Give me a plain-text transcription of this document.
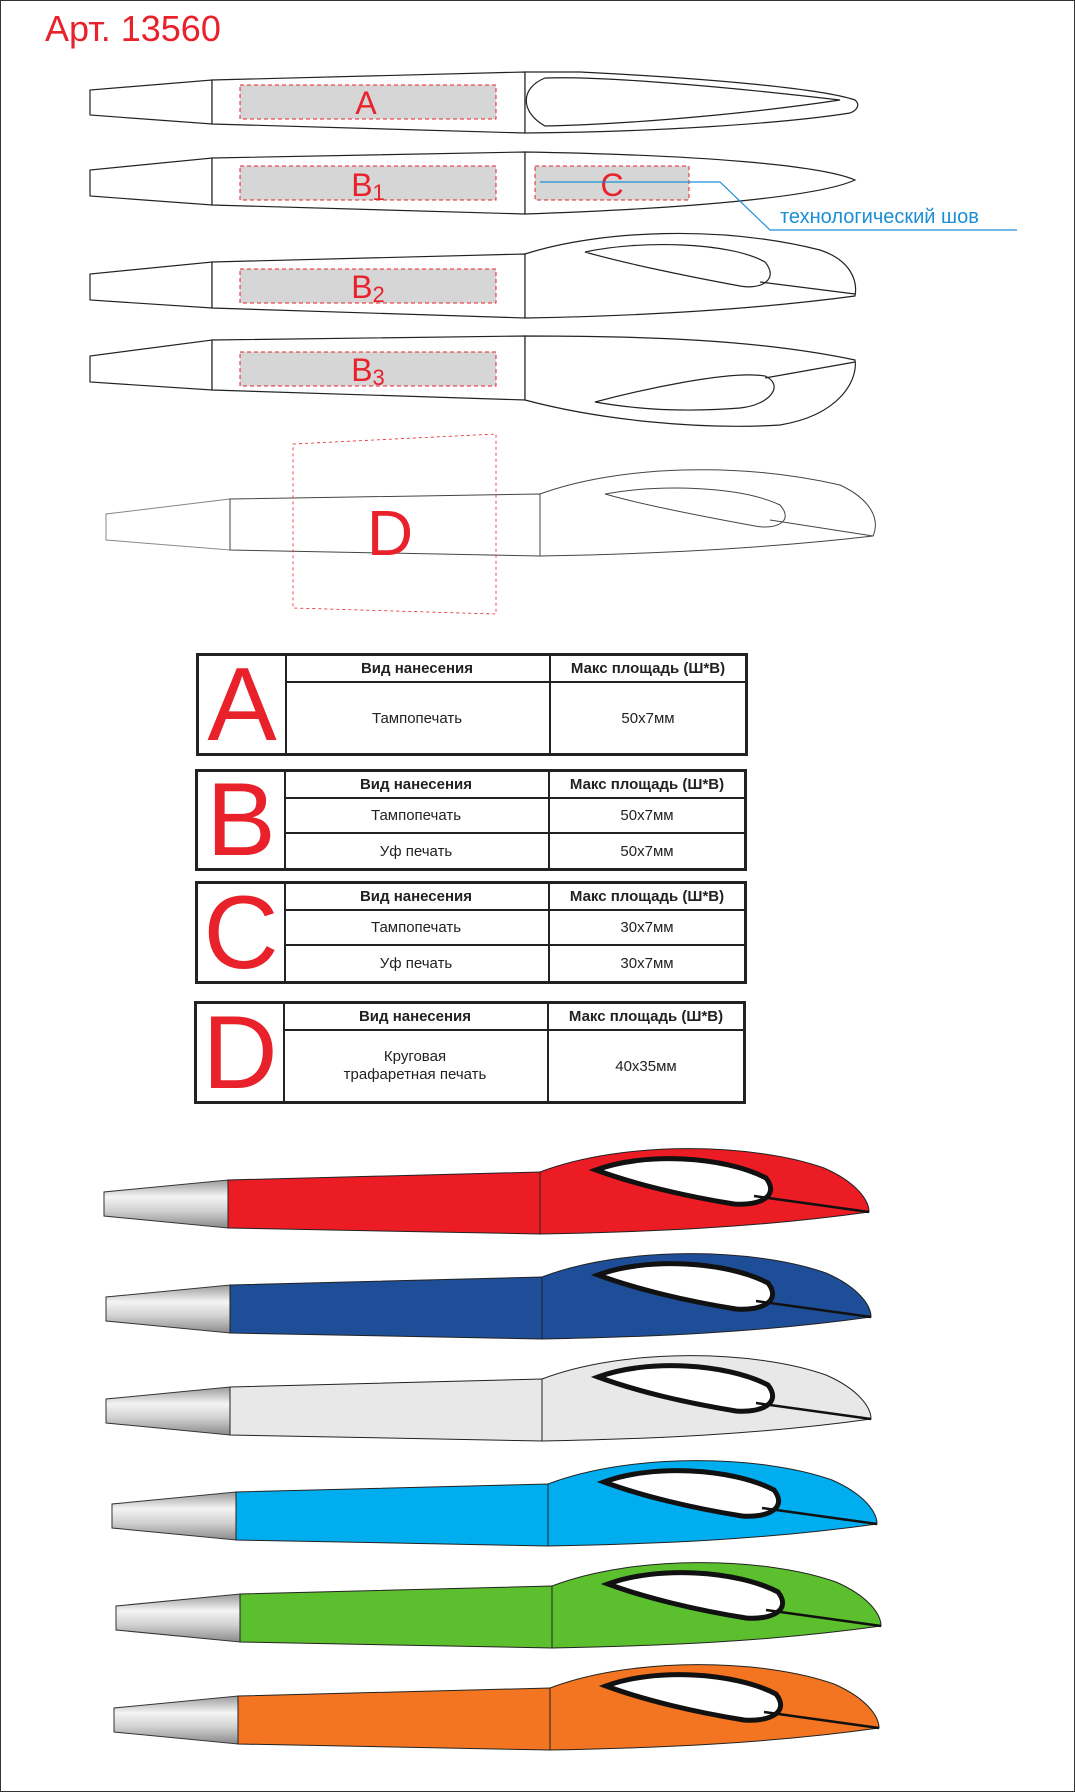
Арт. 13560
A
B1	C
технологический шов
B2
B3
D
A	Вид нанесения	Макс площадь (Ш*В)
Тампопечать	50x7мм
B	Вид нанесения	Макс площадь (Ш*В)
Тампопечать	50x7мм
Уф печать	50x7мм
C	Вид нанесения	Макс площадь (Ш*В)
Тампопечать	30x7мм
Уф печать	30x7мм
D	Вид нанесения	Макс площадь (Ш*В)
Круговая
трафаретная печать	40x35мм
